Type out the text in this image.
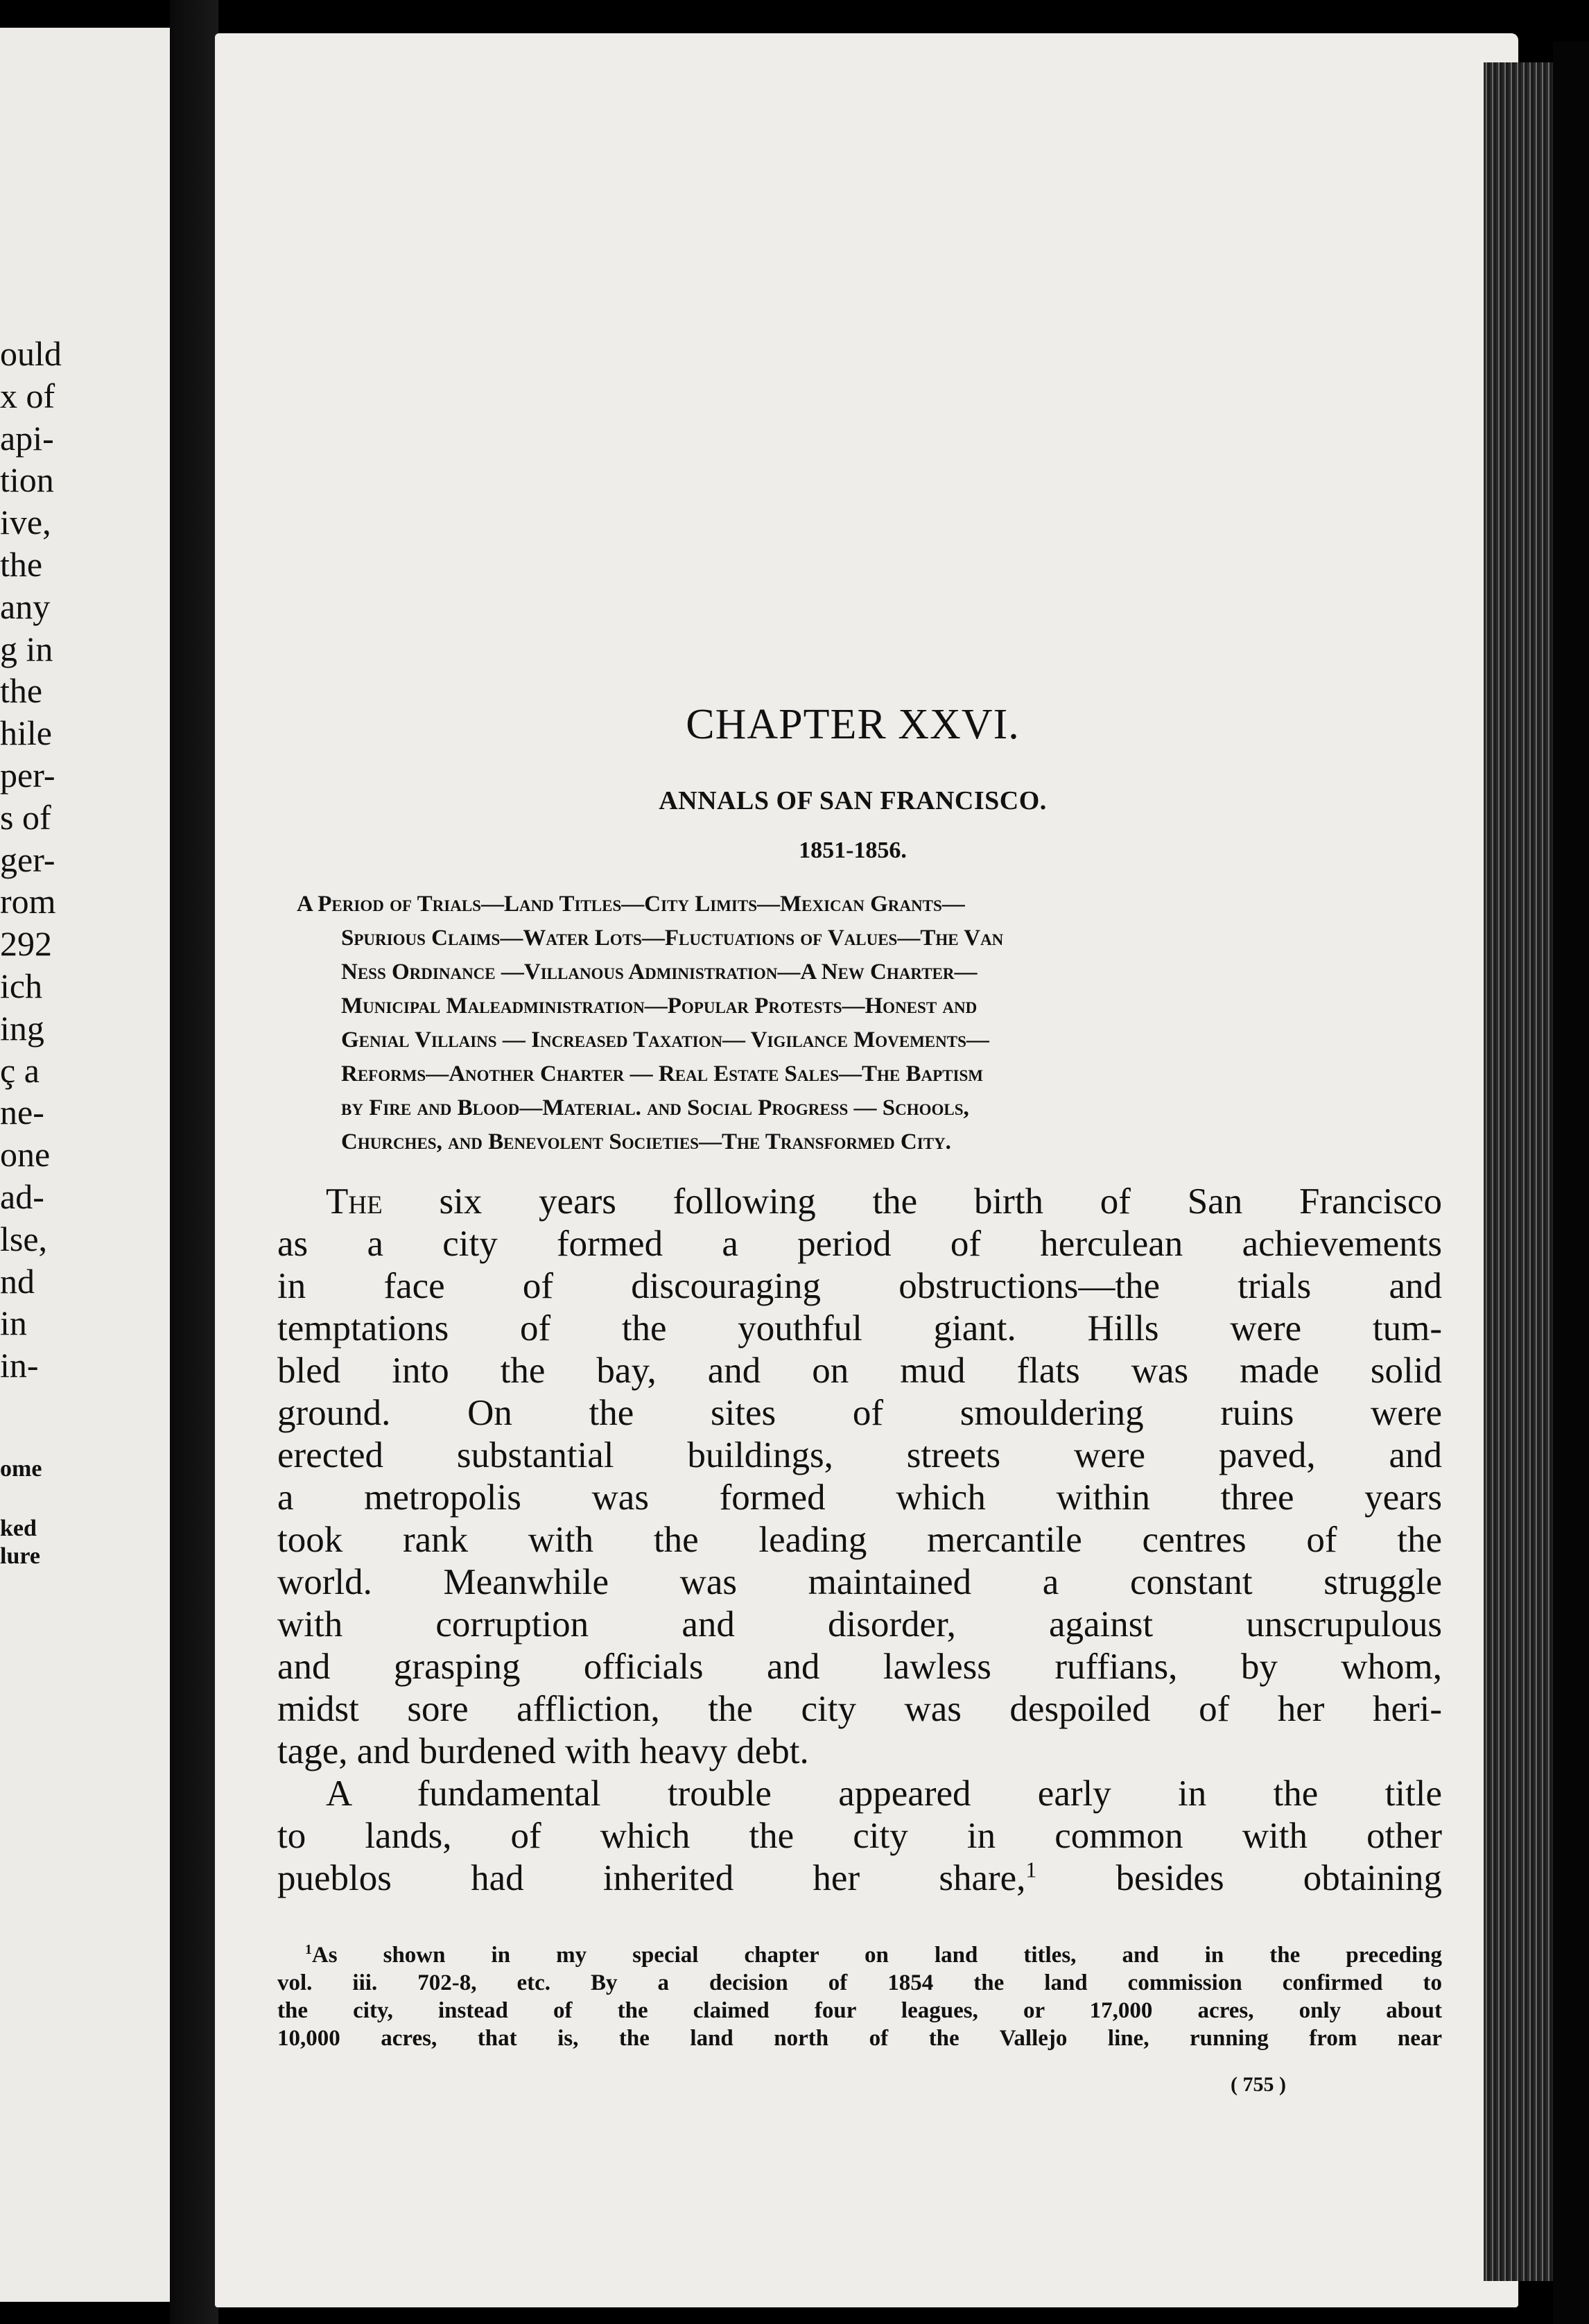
ould
x of
api-
tion
ive,
the
any
g in
the
hile
per-
s of
ger-
rom
292
ich
ing
ç a
ne-
one
ad-
lse,
nd
in
in-
ome
ked
lure
CHAPTER XXVI.
ANNALS OF SAN FRANCISCO.
1851-1856.
A Period of Trials—Land Titles—City Limits—Mexican Grants—
Spurious Claims—Water Lots—Fluctuations of Values—The Van
Ness Ordinance —Villanous Administration—A New Charter—
Municipal Maleadministration—Popular Protests—Honest and
Genial Villains — Increased Taxation— Vigilance Movements—
Reforms—Another Charter — Real Estate Sales—The Baptism
by Fire and Blood—Material. and Social Progress — Schools,
Churches, and Benevolent Societies—The Transformed City.
The six years following the birth of San Francisco
as a city formed a period of herculean achievements
in face of discouraging obstructions—the trials and
temptations of the youthful giant. Hills were tum-
bled into the bay, and on mud flats was made solid
ground. On the sites of smouldering ruins were
erected substantial buildings, streets were paved, and
a metropolis was formed which within three years
took rank with the leading mercantile centres of the
world. Meanwhile was maintained a constant struggle
with corruption and disorder, against unscrupulous
and grasping officials and lawless ruffians, by whom,
midst sore affliction, the city was despoiled of her heri-
tage, and burdened with heavy debt.
A fundamental trouble appeared early in the title
to lands, of which the city in common with other
pueblos had inherited her share,$^1$ besides obtaining
$^1$As shown in my special chapter on land titles, and in the preceding
vol. iii. 702-8, etc. By a decision of 1854 the land commission confirmed to
the city, instead of the claimed four leagues, or 17,000 acres, only about
10,000 acres, that is, the land north of the Vallejo line, running from near
( 755 )
